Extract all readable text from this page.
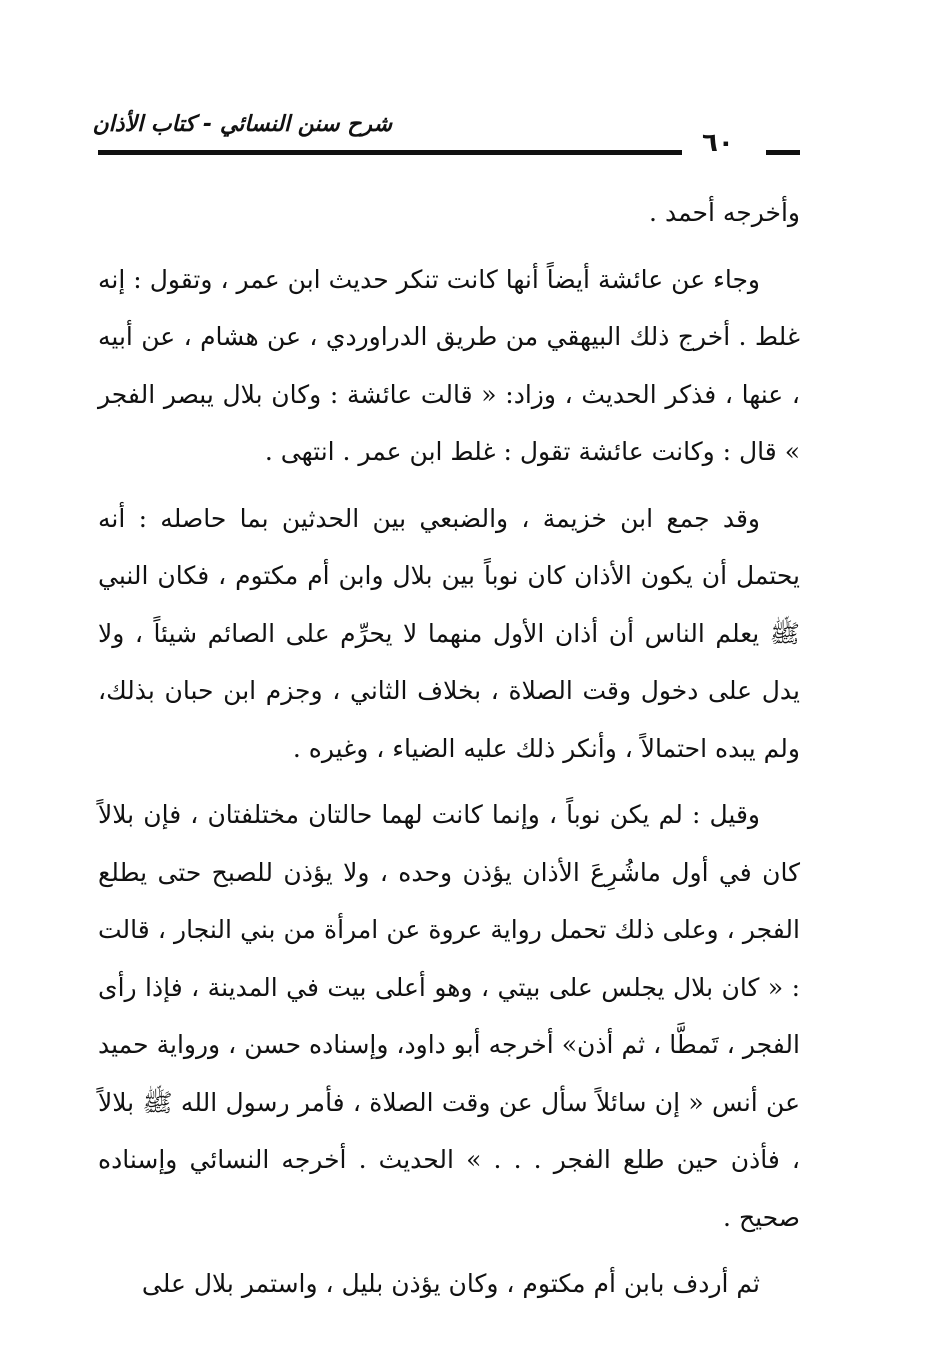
شرح سنن النسائي - كتاب الأذان
٦٠

وأخرجه أحمد .

وجاء عن عائشة أيضاً أنها كانت تنكر حديث ابن عمر ، وتقول : إنه غلط . أخرج ذلك البيهقي من طريق الدراوردي ، عن هشام ، عن أبيه ، عنها ، فذكر الحديث ، وزاد: « قالت عائشة : وكان بلال يبصر الفجر » قال : وكانت عائشة تقول : غلط ابن عمر . انتهى .

وقد جمع ابن خزيمة ، والضبعي بين الحدثين بما حاصله : أنه يحتمل أن يكون الأذان كان نوباً بين بلال وابن أم مكتوم ، فكان النبي ﷺ يعلم الناس أن أذان الأول منهما لا يحرِّم على الصائم شيئاً ، ولا يدل على دخول وقت الصلاة ، بخلاف الثاني ، وجزم ابن حبان بذلك، ولم يبده احتمالاً ، وأنكر ذلك عليه الضياء ، وغيره .

وقيل : لم يكن نوباً ، وإنما كانت لهما حالتان مختلفتان ، فإن بلالاً كان في أول ماشُرِعَ الأذان يؤذن وحده ، ولا يؤذن للصبح حتى يطلع الفجر ، وعلى ذلك تحمل رواية عروة عن امرأة من بني النجار ، قالت : « كان بلال يجلس على بيتي ، وهو أعلى بيت في المدينة ، فإذا رأى الفجر ، تَمطَّا ، ثم أذن» أخرجه أبو داود، وإسناده حسن ، ورواية حميد عن أنس « إن سائلاً سأل عن وقت الصلاة ، فأمر رسول الله ﷺ بلالاً ، فأذن حين طلع الفجر . . . » الحديث . أخرجه النسائي وإسناده صحيح .

ثم أردف بابن أم مكتوم ، وكان يؤذن بليل ، واستمر بلال على
